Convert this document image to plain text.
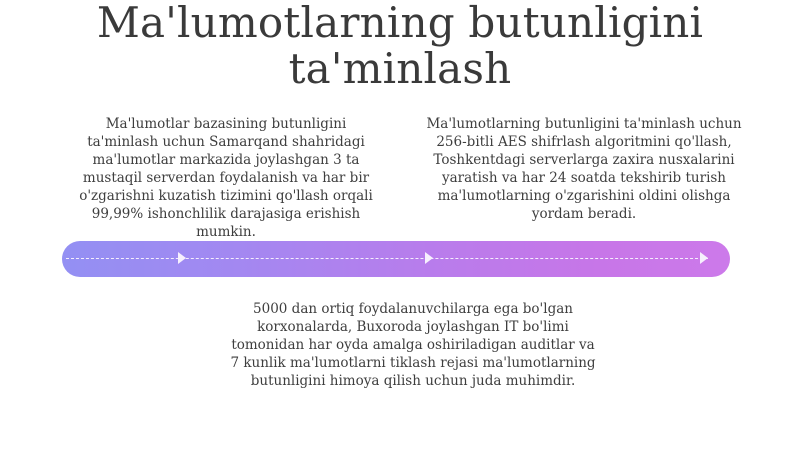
Ma'lumotlarning butunligini ta'minlash
Ma'lumotlar bazasining butunligini ta'minlash uchun Samarqand shahridagi ma'lumotlar markazida joylashgan 3 ta mustaqil serverdan foydalanish va har bir o'zgarishni kuzatish tizimini qo'llash orqali 99,99% ishonchlilik darajasiga erishish mumkin.
Ma'lumotlarning butunligini ta'minlash uchun 256-bitli AES shifrlash algoritmini qo'llash, Toshkentdagi serverlarga zaxira nusxalarini yaratish va har 24 soatda tekshirib turish ma'lumotlarning o'zgarishini oldini olishga yordam beradi.
5000 dan ortiq foydalanuvchilarga ega bo'lgan korxonalarda, Buxoroda joylashgan IT bo'limi tomonidan har oyda amalga oshiriladigan auditlar va 7 kunlik ma'lumotlarni tiklash rejasi ma'lumotlarning butunligini himoya qilish uchun juda muhimdir.
